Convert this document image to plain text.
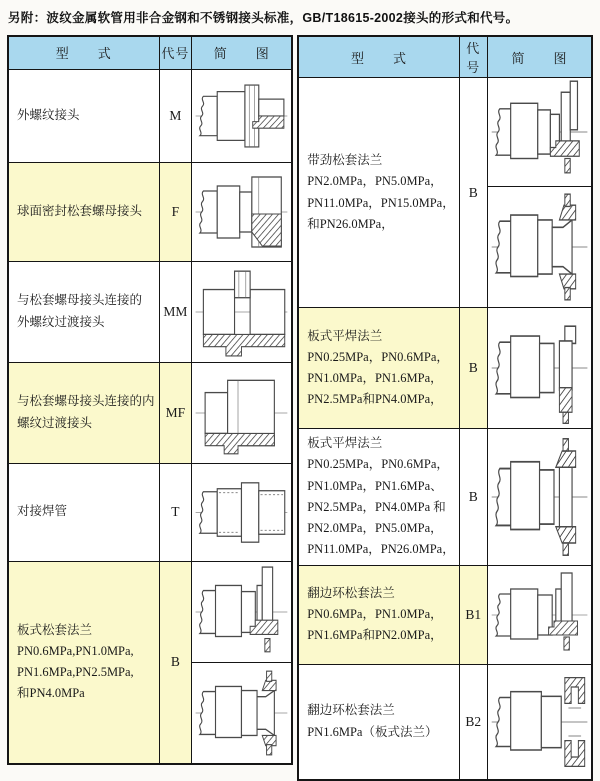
另附：波纹金属软管用非合金钢和不锈钢接头标准，GB/T18615-2002接头的形式和代号。

型　　式	代号	简　　图

外螺纹接头	M	

球面密封松套螺母接头	F	

与松套螺母接头连接的
外螺纹过渡接头	MM	

与松套螺母接头连接的内
螺纹过渡接头	MF	

对接焊管	T	

板式松套法兰
PN0.6MPa,PN1.0MPa,
PN1.6MPa,PN2.5MPa,
和PN4.0MPa	B	

型　　式	代号	简　　图

带劲松套法兰
PN2.0MPa，PN5.0MPa，
PN11.0MPa，PN15.0MPa，
和PN26.0MPa，	B	

板式平焊法兰
PN0.25MPa，PN0.6MPa，
PN1.0MPa，PN1.6MPa，
PN2.5MPa和PN4.0MPa，	B	

板式平焊法兰
PN0.25MPa，PN0.6MPa，
PN1.0MPa，PN1.6MPa、
PN2.5MPa，PN4.0MPa 和
PN2.0MPa，PN5.0MPa，
PN11.0MPa，PN26.0MPa，
	B	

翻边环松套法兰
PN0.6MPa，PN1.0MPa，
PN1.6MPa和PN2.0MPa，	B1	

翻边环松套法兰
PN1.6MPa（板式法兰）	B2	
